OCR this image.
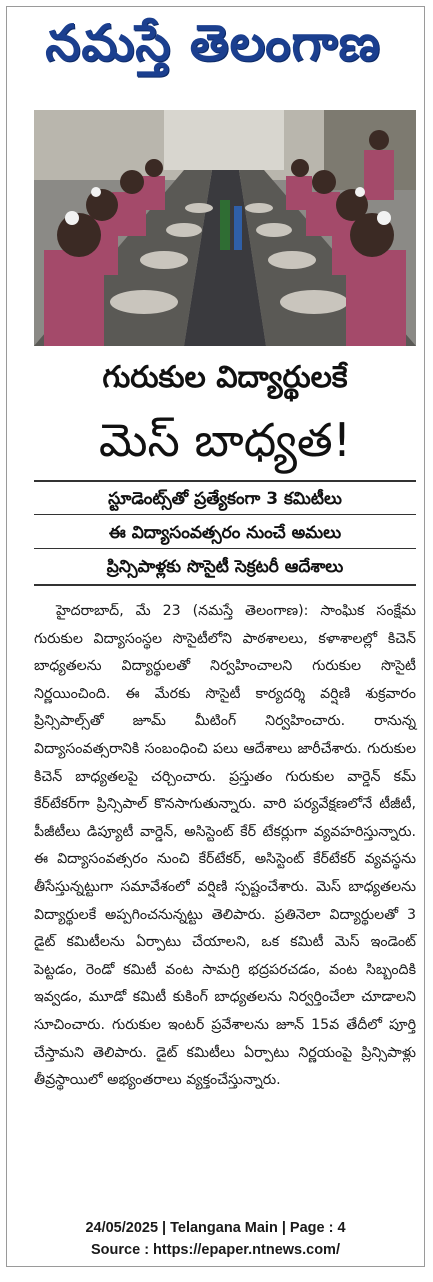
నమస్తే తెలంగాణ
గురుకుల విద్యార్థులకే
మెస్ బాధ్యత!
స్టూడెంట్స్‌తో ప్రత్యేకంగా 3 కమిటీలు
ఈ విద్యాసంవత్సరం నుంచే అమలు
ప్రిన్సిపాళ్లకు సొసైటీ సెక్రటరీ ఆదేశాలు

హైదరాబాద్, మే 23 (నమస్తే తెలంగాణ): సాంఘిక సంక్షేమ గురుకుల విద్యాసంస్థల సొసైటీలోని పాఠశాలలు, కళాశాలల్లో కిచెన్ బాధ్యతలను విద్యార్థులతో నిర్వహించాలని గురుకుల సొసైటీ నిర్ణయించింది. ఈ మేరకు సొసైటీ కార్యదర్శి వర్షిణి శుక్రవారం ప్రిన్సిపాల్స్‌తో జూమ్ మీటింగ్ నిర్వహించారు. రానున్న విద్యాసంవత్సరానికి సంబంధించి పలు ఆదేశాలు జారీచేశారు. గురుకుల కిచెన్ బాధ్యతలపై చర్చించారు. ప్రస్తుతం గురుకుల వార్డెన్ కమ్ కేర్‌టేకర్‌గా ప్రిన్సిపాల్ కొనసాగుతున్నారు. వారి పర్యవేక్షణలోనే టీజీటీ, పీజీటీలు డిప్యూటీ వార్డెన్, అసిస్టెంట్ కేర్ టేకర్లుగా వ్యవహరిస్తున్నారు. ఈ విద్యాసంవత్సరం నుంచి కేర్‌టేకర్, అసిస్టెంట్ కేర్‌టేకర్ వ్యవస్థను తీసేస్తున్నట్టుగా సమావేశంలో వర్షిణి స్పష్టంచేశారు. మెస్ బాధ్యతలను విద్యార్థులకే అప్పగించనున్నట్టు తెలిపారు. ప్రతినెలా విద్యార్థులతో 3 డైట్ కమిటీలను ఏర్పాటు చేయాలని, ఒక కమిటీ మెస్ ఇండెంట్ పెట్టడం, రెండో కమిటీ వంట సామగ్రి భద్రపరచడం, వంట సిబ్బందికి ఇవ్వడం, మూడో కమిటీ కుకింగ్ బాధ్యతలను నిర్వర్తించేలా చూడాలని సూచించారు. గురుకుల ఇంటర్ ప్రవేశాలను జూన్ 15వ తేదీలో పూర్తి చేస్తామని తెలిపారు. డైట్ కమిటీలు ఏర్పాటు నిర్ణయంపై ప్రిన్సిపాళ్లు తీవ్రస్థాయిలో అభ్యంతరాలు వ్యక్తంచేస్తున్నారు.

24/05/2025 | Telangana Main | Page : 4
Source : https://epaper.ntnews.com/
